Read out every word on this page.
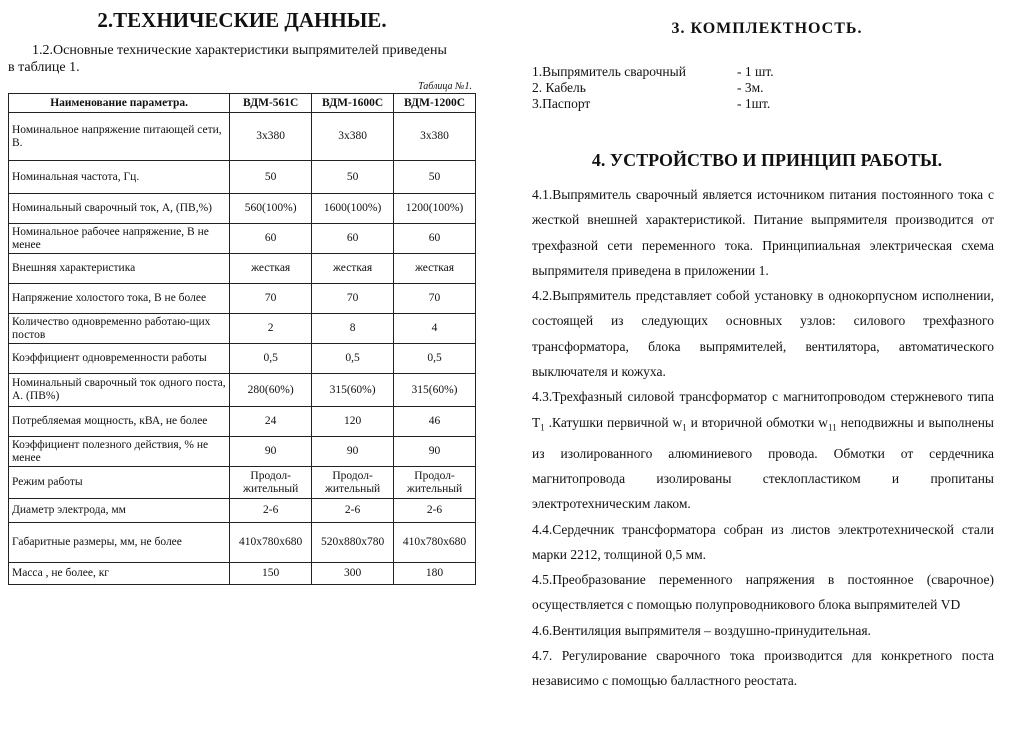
2.ТЕХНИЧЕСКИЕ ДАННЫЕ.
1.2.Основные технические характеристики выпрямителей приведены
в таблице 1.
Таблица №1.
Наименование параметра.	ВДМ-561С	ВДМ-1600С	ВДМ-1200С
Номинальное напряжение питающей сети, В.	3х380	3х380	3х380
Номинальная частота, Гц.	50	50	50
Номинальный сварочный ток, А, (ПВ,%)	560(100%)	1600(100%)	1200(100%)
Номинальное рабочее напряжение, В не менее	60	60	60
Внешняя характеристика	жесткая	жесткая	жесткая
Напряжение холостого тока, В не более	70	70	70
Количество одновременно работаю-щих постов	2	8	4
Коэффициент одновременности работы	0,5	0,5	0,5
Номинальный сварочный ток одного поста, А. (ПВ%)	280(60%)	315(60%)	315(60%)
Потребляемая мощность, кВА, не более	24	120	46
Коэффициент полезного действия, % не менее	90	90	90
Режим работы	Продол-жительный	Продол-жительный	Продол-жительный
Диаметр электрода, мм	2-6	2-6	2-6
Габаритные размеры, мм, не более	410х780х680	520х880х780	410х780х680
Масса , не более, кг	150	300	180
3. КОМПЛЕКТНОСТЬ.
1.Выпрямитель сварочный	- 1 шт.
2. Кабель	- 3м.
3.Паспорт	- 1шт.
4. УСТРОЙСТВО И ПРИНЦИП РАБОТЫ.

4.1.Выпрямитель сварочный является источником питания постоянного тока с жесткой внешней характеристикой. Питание выпрямителя производится от трехфазной сети переменного тока. Принципиальная электрическая схема выпрямителя приведена в приложении 1.

4.2.Выпрямитель представляет собой установку в однокорпусном исполнении, состоящей из следующих основных узлов: силового трехфазного трансформатора, блока выпрямителей, вентилятора, автоматического выключателя и кожуха.

4.3.Трехфазный силовой трансформатор с магнитопроводом стержневого типа $Т_1$ .Катушки первичной $w_1$ и вторичной обмотки $w_{11}$ неподвижны и выполнены из изолированного алюминиевого провода. Обмотки от сердечника магнитопровода изолированы стеклопластиком и пропитаны электротехническим лаком.

4.4.Сердечник трансформатора собран из листов электротехнической стали марки 2212, толщиной 0,5 мм.

4.5.Преобразование переменного напряжения в постоянное (сварочное) осуществляется с помощью полупроводникового блока выпрямителей VD

4.6.Вентиляция выпрямителя – воздушно-принудительная.

4.7. Регулирование сварочного тока производится для конкретного поста независимо с помощью балластного реостата.
